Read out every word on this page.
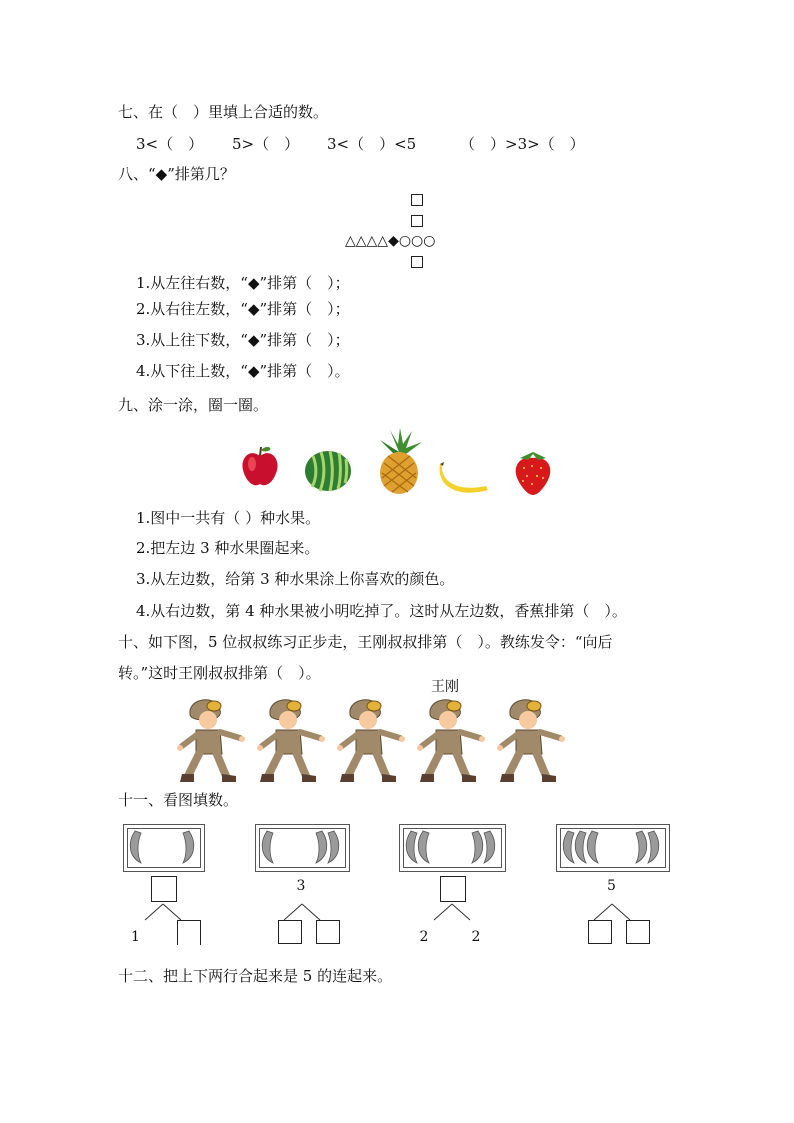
七、在（　）里填上合适的数。
3<（　） 5>（　） 3<（　）<5	（　）>3>（　）
八、“◆”排第几？
△△△△◆○○○
1.从左往右数，“◆”排第（　）；
2.从右往左数，“◆”排第（　）；
3.从上往下数，“◆”排第（　）；
4.从下往上数，“◆”排第（　）。
九、涂一涂，圈一圈。
1.图中一共有（ ）种水果。
2.把左边 3 种水果圈起来。
3.从左边数，给第 3 种水果涂上你喜欢的颜色。
4.从右边数，第 4 种水果被小明吃掉了。这时从左边数，香蕉排第（　）。
十、如下图，5 位叔叔练习正步走，王刚叔叔排第（　）。教练发令：“向后
转。”这时王刚叔叔排第（　）。
王刚
十一、看图填数。
1
3
2	2
5
十二、把上下两行合起来是 5 的连起来。
